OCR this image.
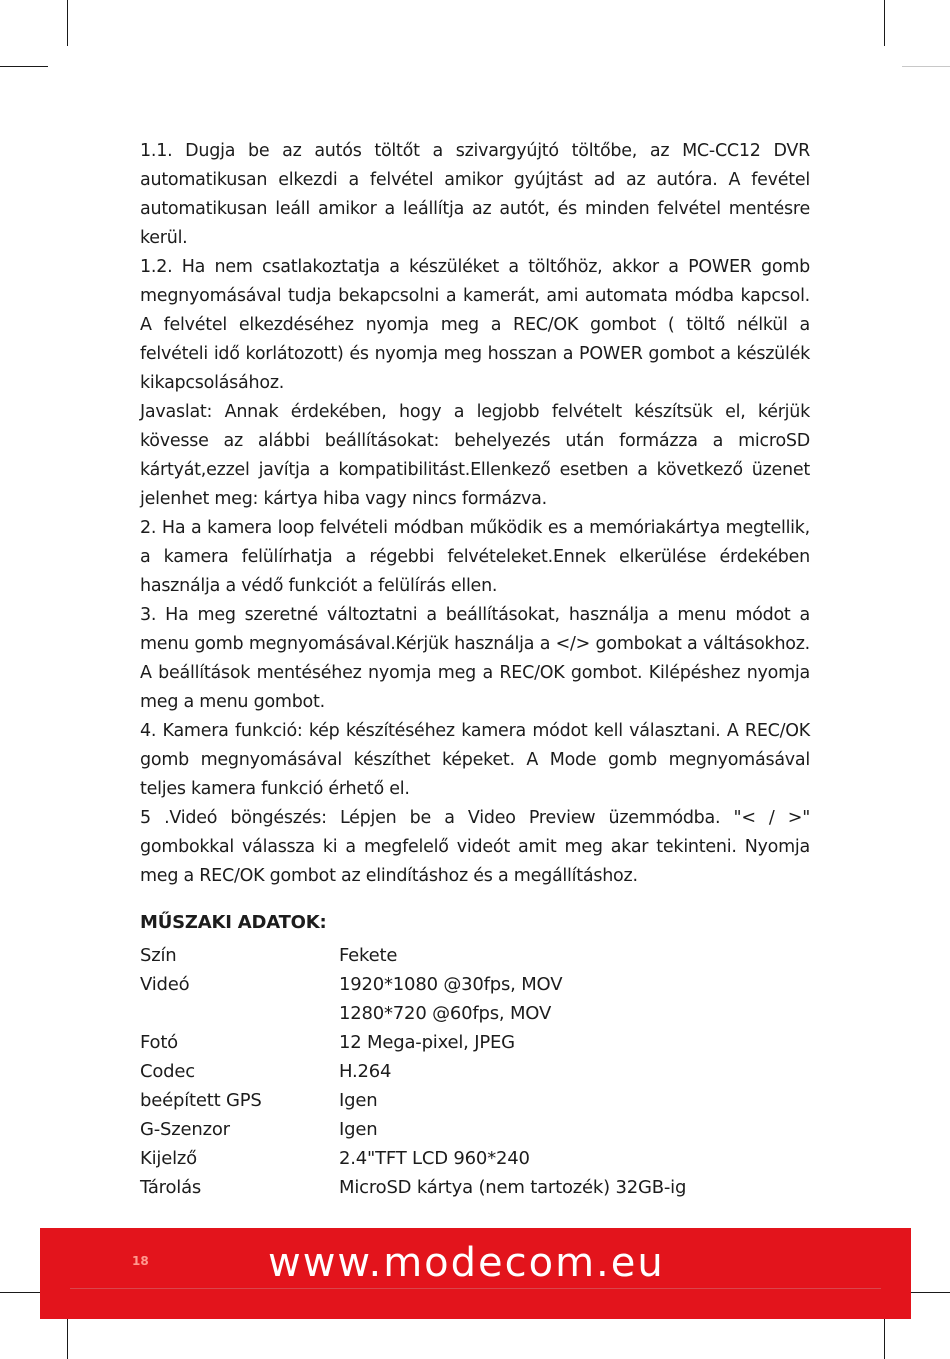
1.1. Dugja be az autós töltőt a szivargyújtó töltőbe, az MC-CC12 DVR automatikusan elkezdi a felvétel amikor gyújtást ad az autóra. A fevétel automatikusan leáll amikor a leállítja az autót, és minden felvétel mentésre kerül.

1.2. Ha nem csatlakoztatja a készüléket a töltőhöz, akkor a POWER gomb megnyomásával tudja bekapcsolni a kamerát, ami automata módba kapcsol. A felvétel elkezdéséhez nyomja meg a REC/OK gombot ( töltő nélkül a felvételi idő korlátozott) és nyomja meg hosszan a POWER gombot a készülék kikapcsolásához.

Javaslat: Annak érdekében, hogy a legjobb felvételt készítsük el, kérjük kövesse az alábbi beállításokat: behelyezés után formázza a microSD kártyát,ezzel javítja a kompatibilitást.Ellenkező esetben a következő üzenet jelenhet meg: kártya hiba vagy nincs formázva.

2. Ha a kamera loop felvételi módban működik es a memóriakártya megtellik, a kamera felülírhatja a régebbi felvételeket.Ennek elkerülése érdekében használja a védő funkciót a felülírás ellen.

3. Ha meg szeretné változtatni a beállításokat, használja a menu módot a menu gomb megnyomásával.Kérjük használja a </> gombokat a váltásokhoz. A beállítások mentéséhez nyomja meg a REC/OK gombot. Kilépéshez nyomja meg a menu gombot.

4. Kamera funkció: kép készítéséhez kamera módot kell választani. A REC/OK gomb megnyomásával készíthet képeket. A Mode gomb megnyomásával teljes kamera funkció érhető el.

5 .Videó böngészés: Lépjen be a Video Preview üzemmódba. "< / >" gombokkal válassza ki a megfelelő videót amit meg akar tekinteni. Nyomja meg a REC/OK gombot az elindításhoz és a megállításhoz.

MŰSZAKI ADATOK:
Szín	Fekete
Videó	1920*1080 @30fps, MOV
1280*720 @60fps, MOV
Fotó	12 Mega-pixel, JPEG
Codec	H.264
beépített GPS	Igen
G-Szenzor	Igen
Kijelző	2.4"TFT LCD 960*240
Tárolás	MicroSD kártya (nem tartozék) 32GB-ig
18	www.modecom.eu
